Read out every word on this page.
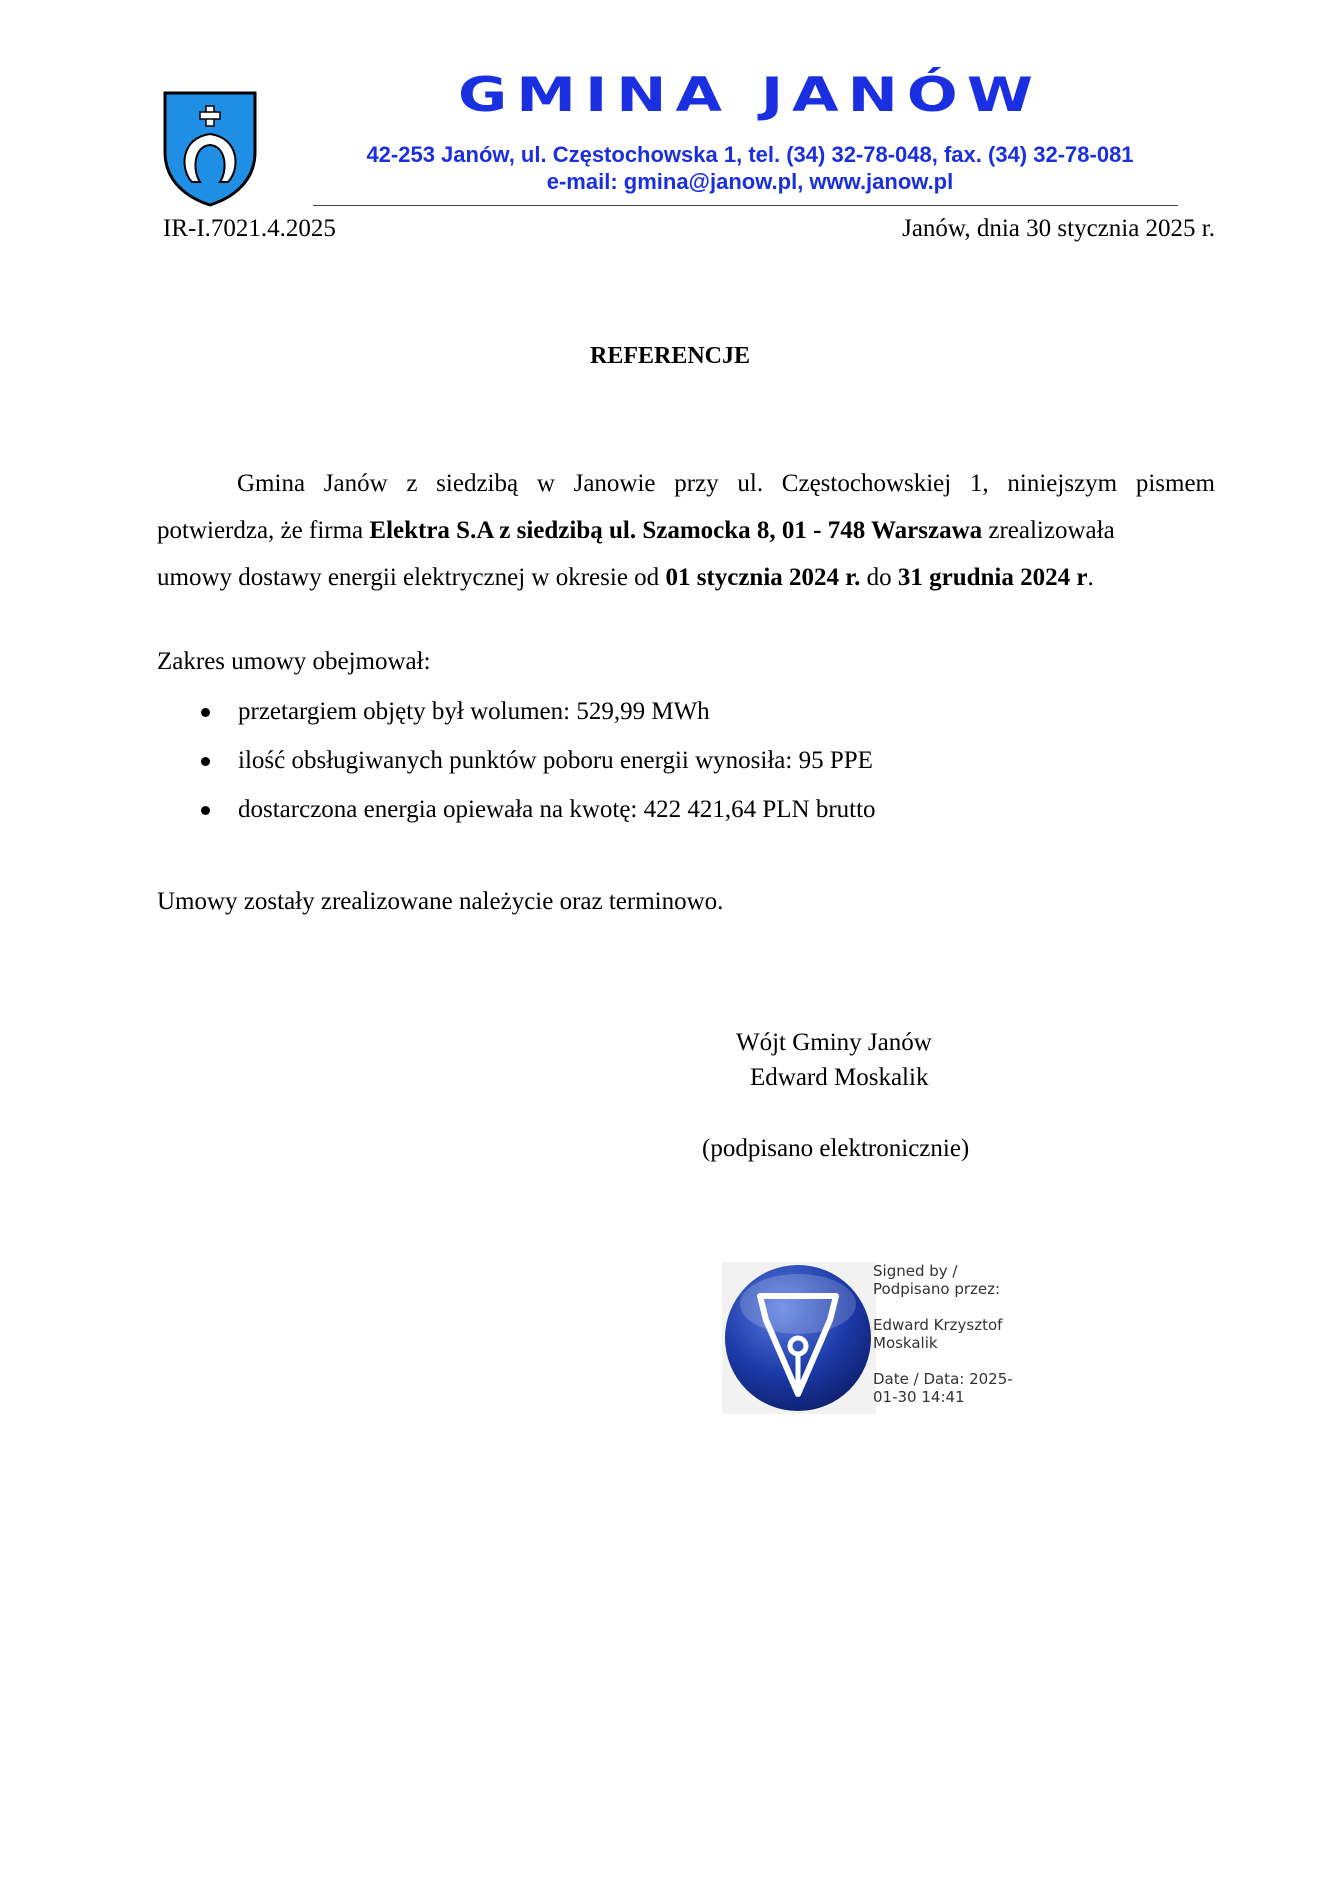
GMINA JANÓW
42-253 Janów, ul. Częstochowska 1, tel. (34) 32-78-048, fax. (34) 32-78-081
e-mail: gmina@janow.pl, www.janow.pl
IR-I.7021.4.2025	Janów, dnia 30 stycznia 2025 r.
REFERENCJE
Gmina Janów z siedzibą w Janowie przy ul. Częstochowskiej 1, niniejszym pismem
potwierdza, że firma Elektra S.A z siedzibą ul. Szamocka 8, 01 - 748 Warszawa zrealizowała
umowy dostawy energii elektrycznej w okresie od 01 stycznia 2024 r. do 31 grudnia 2024 r.
Zakres umowy obejmował:
przetargiem objęty był wolumen: 529,99 MWh
ilość obsługiwanych punktów poboru energii wynosiła: 95 PPE
dostarczona energia opiewała na kwotę: 422 421,64 PLN brutto
Umowy zostały zrealizowane należycie oraz terminowo.
Wójt Gminy Janów
Edward Moskalik
(podpisano elektronicznie)
Signed by /
Podpisano przez:
Edward Krzysztof
Moskalik
Date / Data: 2025-
01-30 14:41
